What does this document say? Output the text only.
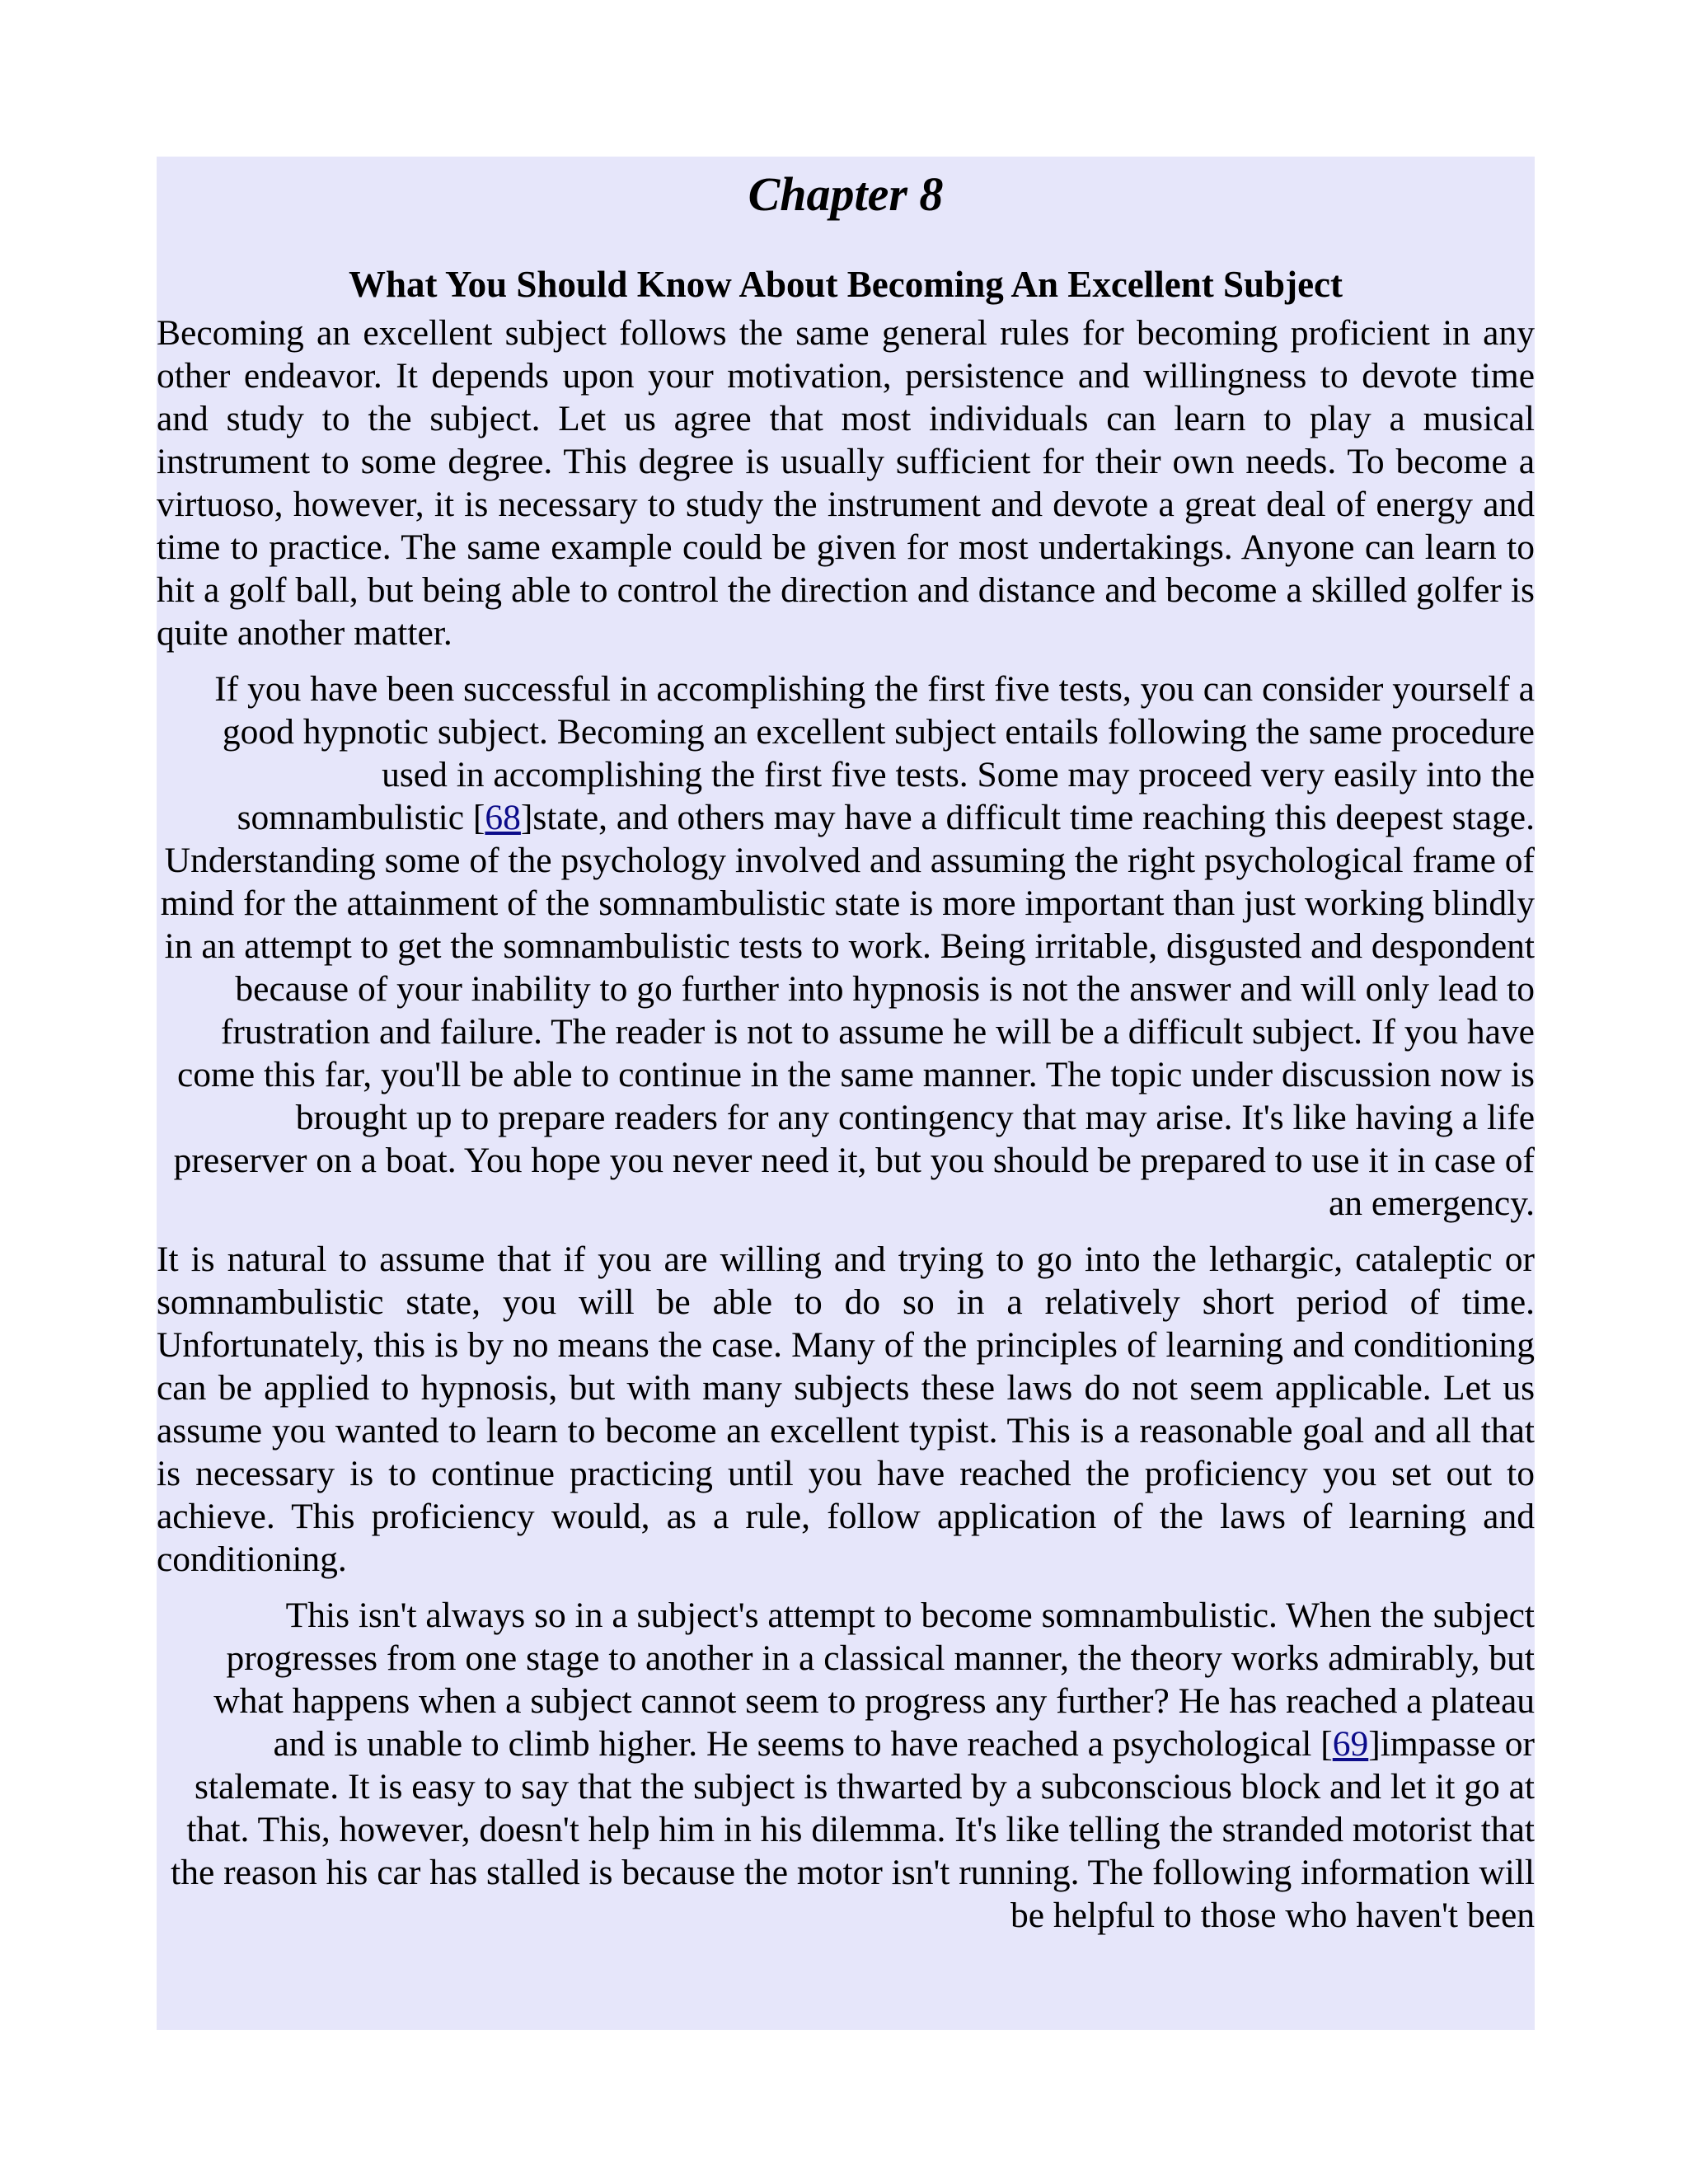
Chapter 8
What You Should Know About Becoming An Excellent Subject

Becoming an excellent subject follows the same general rules for becoming proficient in any other endeavor. It depends upon your motivation, persistence and willingness to devote time and study to the subject. Let us agree that most individuals can learn to play a musical instrument to some degree. This degree is usually sufficient for their own needs. To become a virtuoso, however, it is necessary to study the instrument and devote a great deal of energy and time to practice. The same example could be given for most undertakings. Anyone can learn to hit a golf ball, but being able to control the direction and distance and become a skilled golfer is quite another matter.

If you have been successful in accomplishing the first five tests, you can consider yourself a good hypnotic subject. Becoming an excellent subject entails following the same procedure used in accomplishing the first five tests. Some may proceed very easily into the somnambulistic [68]state, and others may have a difficult time reaching this deepest stage. Understanding some of the psychology involved and assuming the right psychological frame of mind for the attainment of the somnambulistic state is more important than just working blindly in an attempt to get the somnambulistic tests to work. Being irritable, disgusted and despondent because of your inability to go further into hypnosis is not the answer and will only lead to frustration and failure. The reader is not to assume he will be a difficult subject. If you have come this far, you'll be able to continue in the same manner. The topic under discussion now is brought up to prepare readers for any contingency that may arise. It's like having a life preserver on a boat. You hope you never need it, but you should be prepared to use it in case of an emergency.

It is natural to assume that if you are willing and trying to go into the lethargic, cataleptic or somnambulistic state, you will be able to do so in a relatively short period of time. Unfortunately, this is by no means the case. Many of the principles of learning and conditioning can be applied to hypnosis, but with many subjects these laws do not seem applicable. Let us assume you wanted to learn to become an excellent typist. This is a reasonable goal and all that is necessary is to continue practicing until you have reached the proficiency you set out to achieve. This proficiency would, as a rule, follow application of the laws of learning and conditioning.

This isn't always so in a subject's attempt to become somnambulistic. When the subject progresses from one stage to another in a classical manner, the theory works admirably, but what happens when a subject cannot seem to progress any further? He has reached a plateau and is unable to climb higher. He seems to have reached a psychological [69]impasse or stalemate. It is easy to say that the subject is thwarted by a subconscious block and let it go at that. This, however, doesn't help him in his dilemma. It's like telling the stranded motorist that the reason his car has stalled is because the motor isn't running. The following information will be helpful to those who haven't been
